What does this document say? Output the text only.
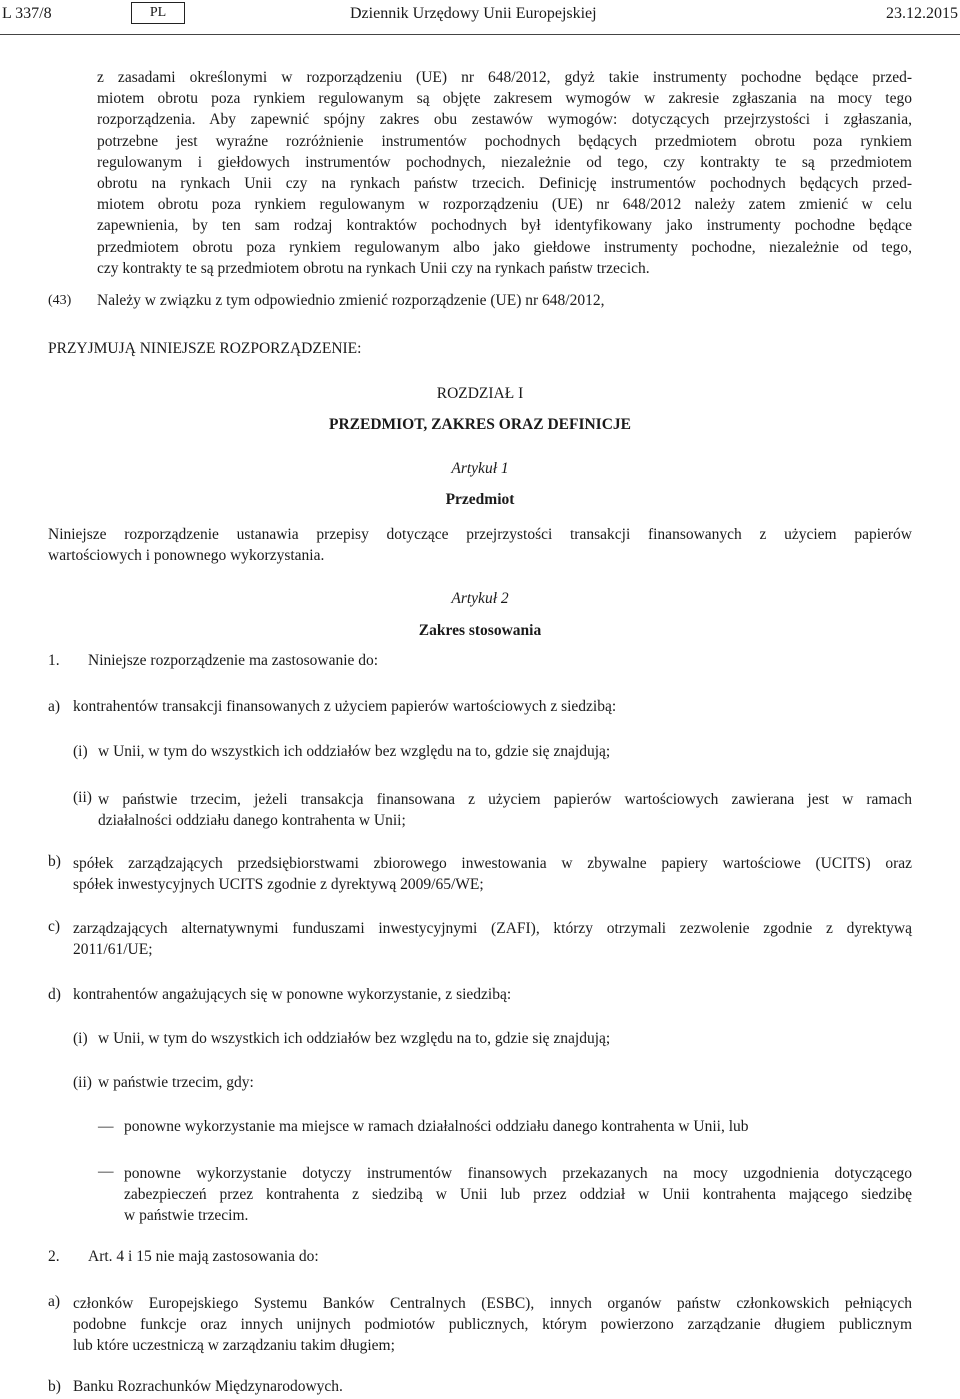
L 337/8	PL	Dziennik Urzędowy Unii Europejskiej	23.12.2015
z zasadami określonymi w rozporządzeniu (UE) nr 648/2012, gdyż takie instrumenty pochodne będące przed-
miotem obrotu poza rynkiem regulowanym są objęte zakresem wymogów w zakresie zgłaszania na mocy tego
rozporządzenia. Aby zapewnić spójny zakres obu zestawów wymogów: dotyczących przejrzystości i zgłaszania,
potrzebne jest wyraźne rozróżnienie instrumentów pochodnych będących przedmiotem obrotu poza rynkiem
regulowanym i giełdowych instrumentów pochodnych, niezależnie od tego, czy kontrakty te są przedmiotem
obrotu na rynkach Unii czy na rynkach państw trzecich. Definicję instrumentów pochodnych będących przed-
miotem obrotu poza rynkiem regulowanym w rozporządzeniu (UE) nr 648/2012 należy zatem zmienić w celu
zapewnienia, by ten sam rodzaj kontraktów pochodnych był identyfikowany jako instrumenty pochodne będące
przedmiotem obrotu poza rynkiem regulowanym albo jako giełdowe instrumenty pochodne, niezależnie od tego,
czy kontrakty te są przedmiotem obrotu na rynkach Unii czy na rynkach państw trzecich.
(43) Należy w związku z tym odpowiednio zmienić rozporządzenie (UE) nr 648/2012,
PRZYJMUJĄ NINIEJSZE ROZPORZĄDZENIE:
ROZDZIAŁ I
PRZEDMIOT, ZAKRES ORAZ DEFINICJE
Artykuł 1
Przedmiot
Niniejsze rozporządzenie ustanawia przepisy dotyczące przejrzystości transakcji finansowanych z użyciem papierów
wartościowych i ponownego wykorzystania.
Artykuł 2
Zakres stosowania
1. Niniejsze rozporządzenie ma zastosowanie do:
a) kontrahentów transakcji finansowanych z użyciem papierów wartościowych z siedzibą:
(i) w Unii, w tym do wszystkich ich oddziałów bez względu na to, gdzie się znajdują;
(ii) w państwie trzecim, jeżeli transakcja finansowana z użyciem papierów wartościowych zawierana jest w ramach
działalności oddziału danego kontrahenta w Unii;
b) spółek zarządzających przedsiębiorstwami zbiorowego inwestowania w zbywalne papiery wartościowe (UCITS) oraz
spółek inwestycyjnych UCITS zgodnie z dyrektywą 2009/65/WE;
c) zarządzających alternatywnymi funduszami inwestycyjnymi (ZAFI), którzy otrzymali zezwolenie zgodnie z dyrektywą
2011/61/UE;
d) kontrahentów angażujących się w ponowne wykorzystanie, z siedzibą:
(i) w Unii, w tym do wszystkich ich oddziałów bez względu na to, gdzie się znajdują;
(ii) w państwie trzecim, gdy:
— ponowne wykorzystanie ma miejsce w ramach działalności oddziału danego kontrahenta w Unii, lub
— ponowne wykorzystanie dotyczy instrumentów finansowych przekazanych na mocy uzgodnienia dotyczącego
zabezpieczeń przez kontrahenta z siedzibą w Unii lub przez oddział w Unii kontrahenta mającego siedzibę
w państwie trzecim.
2. Art. 4 i 15 nie mają zastosowania do:
a) członków Europejskiego Systemu Banków Centralnych (ESBC), innych organów państw członkowskich pełniących
podobne funkcje oraz innych unijnych podmiotów publicznych, którym powierzono zarządzanie długiem publicznym
lub które uczestniczą w zarządzaniu takim długiem;
b) Banku Rozrachunków Międzynarodowych.
